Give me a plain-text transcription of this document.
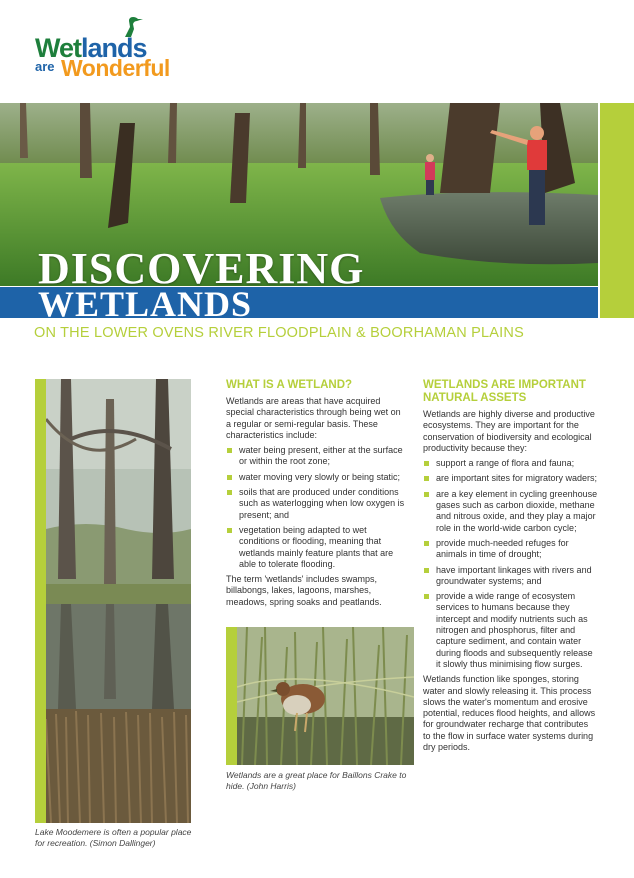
Wetlands
are Wonderful
DISCOVERING
WETLANDS
ON THE LOWER OVENS RIVER FLOODPLAIN & BOORHAMAN PLAINS
Lake Moodemere is often a popular place for recreation. (Simon Dallinger)
WHAT IS A WETLAND?

Wetlands are areas that have acquired special characteristics through being wet on a regular or semi-regular basis. These characteristics include:

water being present, either at the surface or within the root zone;
water moving very slowly or being static;
soils that are produced under conditions such as waterlogging when low oxygen is present; and
vegetation being adapted to wet conditions or flooding, meaning that wetlands mainly feature plants that are able to tolerate flooding.

The term 'wetlands' includes swamps, billabongs, lakes, lagoons, marshes, meadows, spring soaks and peatlands.

Wetlands are a great place for Baillons Crake to hide. (John Harris)
WETLANDS ARE IMPORTANT NATURAL ASSETS

Wetlands are highly diverse and productive ecosystems. They are important for the conservation of biodiversity and ecological productivity because they:

support a range of flora and fauna;
are important sites for migratory waders;
are a key element in cycling greenhouse gases such as carbon dioxide, methane and nitrous oxide, and they play a major role in the world-wide carbon cycle;
provide much-needed refuges for animals in time of drought;
have important linkages with rivers and groundwater systems; and
provide a wide range of ecosystem services to humans because they intercept and modify nutrients such as nitrogen and phosphorus, filter and capture sediment, and contain water during floods and subsequently release it slowly thus minimising flow surges.

Wetlands function like sponges, storing water and slowly releasing it. This process slows the water's momentum and erosive potential, reduces flood heights, and allows for groundwater recharge that contributes to the flow in surface water systems during dry periods.
